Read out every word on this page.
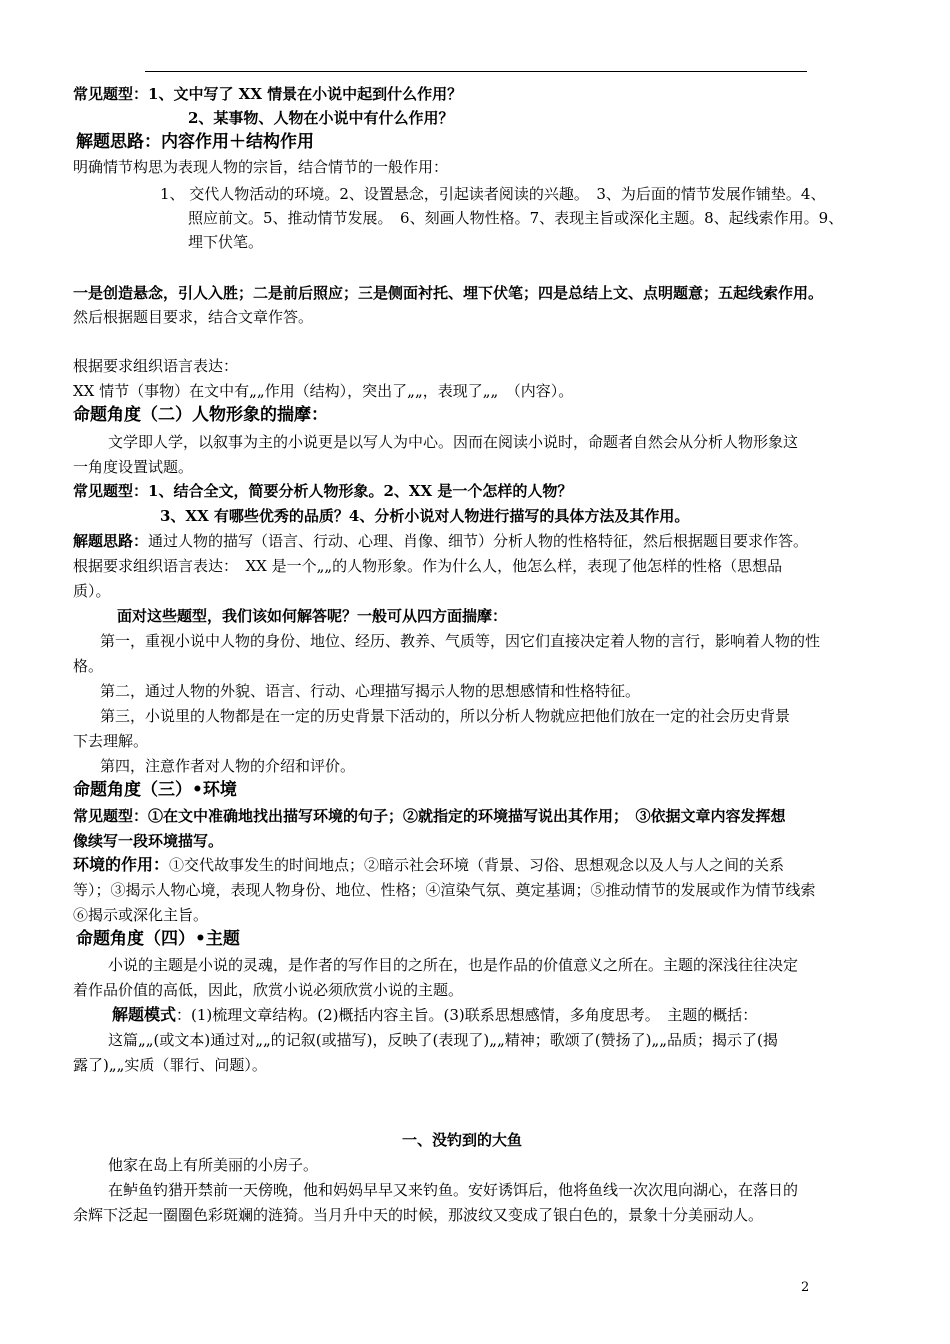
常见题型：1、文中写了 XX 情景在小说中起到什么作用？
2、某事物、人物在小说中有什么作用？
解题思路：内容作用＋结构作用
明确情节构思为表现人物的宗旨，结合情节的一般作用：
1、 交代人物活动的环境。2、设置悬念，引起读者阅读的兴趣。　3、为后面的情节发展作铺垫。4、
照应前文。5、推动情节发展。　6、刻画人物性格。7、表现主旨或深化主题。8、起线索作用。9、
埋下伏笔。
一是创造悬念，引人入胜；二是前后照应；三是侧面衬托、埋下伏笔；四是总结上文、点明题意；五起线索作用。
然后根据题目要求，结合文章作答。
根据要求组织语言表达：
XX 情节（事物）在文中有„„作用（结构），突出了„„，表现了„„　（内容）。
命题角度（二）人物形象的揣摩：
文学即人学，以叙事为主的小说更是以写人为中心。因而在阅读小说时，命题者自然会从分析人物形象这
一角度设置试题。
常见题型：1、结合全文，简要分析人物形象。2、XX 是一个怎样的人物？
3、XX 有哪些优秀的品质？4、分析小说对人物进行描写的具体方法及其作用。
解题思路：通过人物的描写（语言、行动、心理、肖像、细节）分析人物的性格特征，然后根据题目要求作答。
根据要求组织语言表达：　XX 是一个„„的人物形象。作为什么人，他怎么样，表现了他怎样的性格（思想品
质）。
面对这些题型，我们该如何解答呢？一般可从四方面揣摩：
第一，重视小说中人物的身份、地位、经历、教养、气质等，因它们直接决定着人物的言行，影响着人物的性
格。
第二，通过人物的外貌、语言、行动、心理描写揭示人物的思想感情和性格特征。
第三，小说里的人物都是在一定的历史背景下活动的，所以分析人物就应把他们放在一定的社会历史背景
下去理解。
第四，注意作者对人物的介绍和评价。
命题角度（三）•环境
常见题型：①在文中准确地找出描写环境的句子；②就指定的环境描写说出其作用；　③依据文章内容发挥想
像续写一段环境描写。
环境的作用：①交代故事发生的时间地点；②暗示社会环境（背景、习俗、思想观念以及人与人之间的关系
等）；③揭示人物心境，表现人物身份、地位、性格；④渲染气氛、奠定基调；⑤推动情节的发展或作为情节线索
⑥揭示或深化主旨。
命题角度（四）•主题
小说的主题是小说的灵魂，是作者的写作目的之所在，也是作品的价值意义之所在。主题的深浅往往决定
着作品价值的高低，因此，欣赏小说必须欣赏小说的主题。
解题模式：(1)梳理文章结构。(2)概括内容主旨。(3)联系思想感情，多角度思考。　主题的概括：
这篇„„(或文本)通过对„„的记叙(或描写)，反映了(表现了)„„精神；歌颂了(赞扬了)„„品质；揭示了(揭
露了)„„实质（罪行、问题）。
一、没钓到的大鱼
他家在岛上有所美丽的小房子。
在鲈鱼钓猎开禁前一天傍晚，他和妈妈早早又来钓鱼。安好诱饵后，他将鱼线一次次甩向湖心，在落日的
余辉下泛起一圈圈色彩斑斓的涟猗。当月升中天的时候，那波纹又变成了银白色的，景象十分美丽动人。
2
